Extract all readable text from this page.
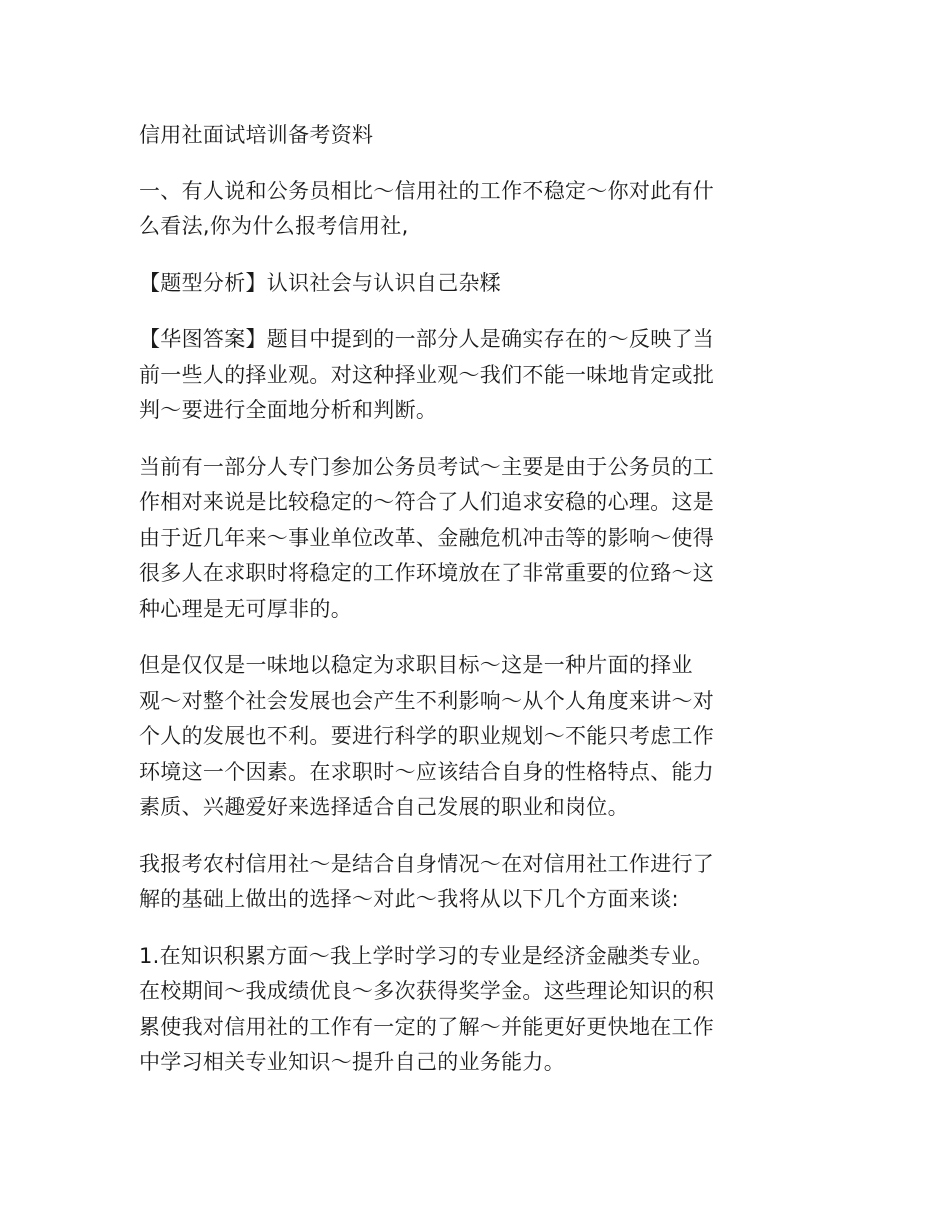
信用社面试培训备考资料

一、有人说和公务员相比～信用社的工作不稳定～你对此有什
么看法,你为什么报考信用社,

【题型分析】认识社会与认识自己杂糅

【华图答案】题目中提到的一部分人是确实存在的～反映了当
前一些人的择业观。对这种择业观～我们不能一味地肯定或批
判～要进行全面地分析和判断。

当前有一部分人专门参加公务员考试～主要是由于公务员的工
作相对来说是比较稳定的～符合了人们追求安稳的心理。这是
由于近几年来～事业单位改革、金融危机冲击等的影响～使得
很多人在求职时将稳定的工作环境放在了非常重要的位臵～这
种心理是无可厚非的。

但是仅仅是一味地以稳定为求职目标～这是一种片面的择业
观～对整个社会发展也会产生不利影响～从个人角度来讲～对
个人的发展也不利。要进行科学的职业规划～不能只考虑工作
环境这一个因素。在求职时～应该结合自身的性格特点、能力
素质、兴趣爱好来选择适合自己发展的职业和岗位。

我报考农村信用社～是结合自身情况～在对信用社工作进行了
解的基础上做出的选择～对此～我将从以下几个方面来谈:

1.在知识积累方面～我上学时学习的专业是经济金融类专业。
在校期间～我成绩优良～多次获得奖学金。这些理论知识的积
累使我对信用社的工作有一定的了解～并能更好更快地在工作
中学习相关专业知识～提升自己的业务能力。
